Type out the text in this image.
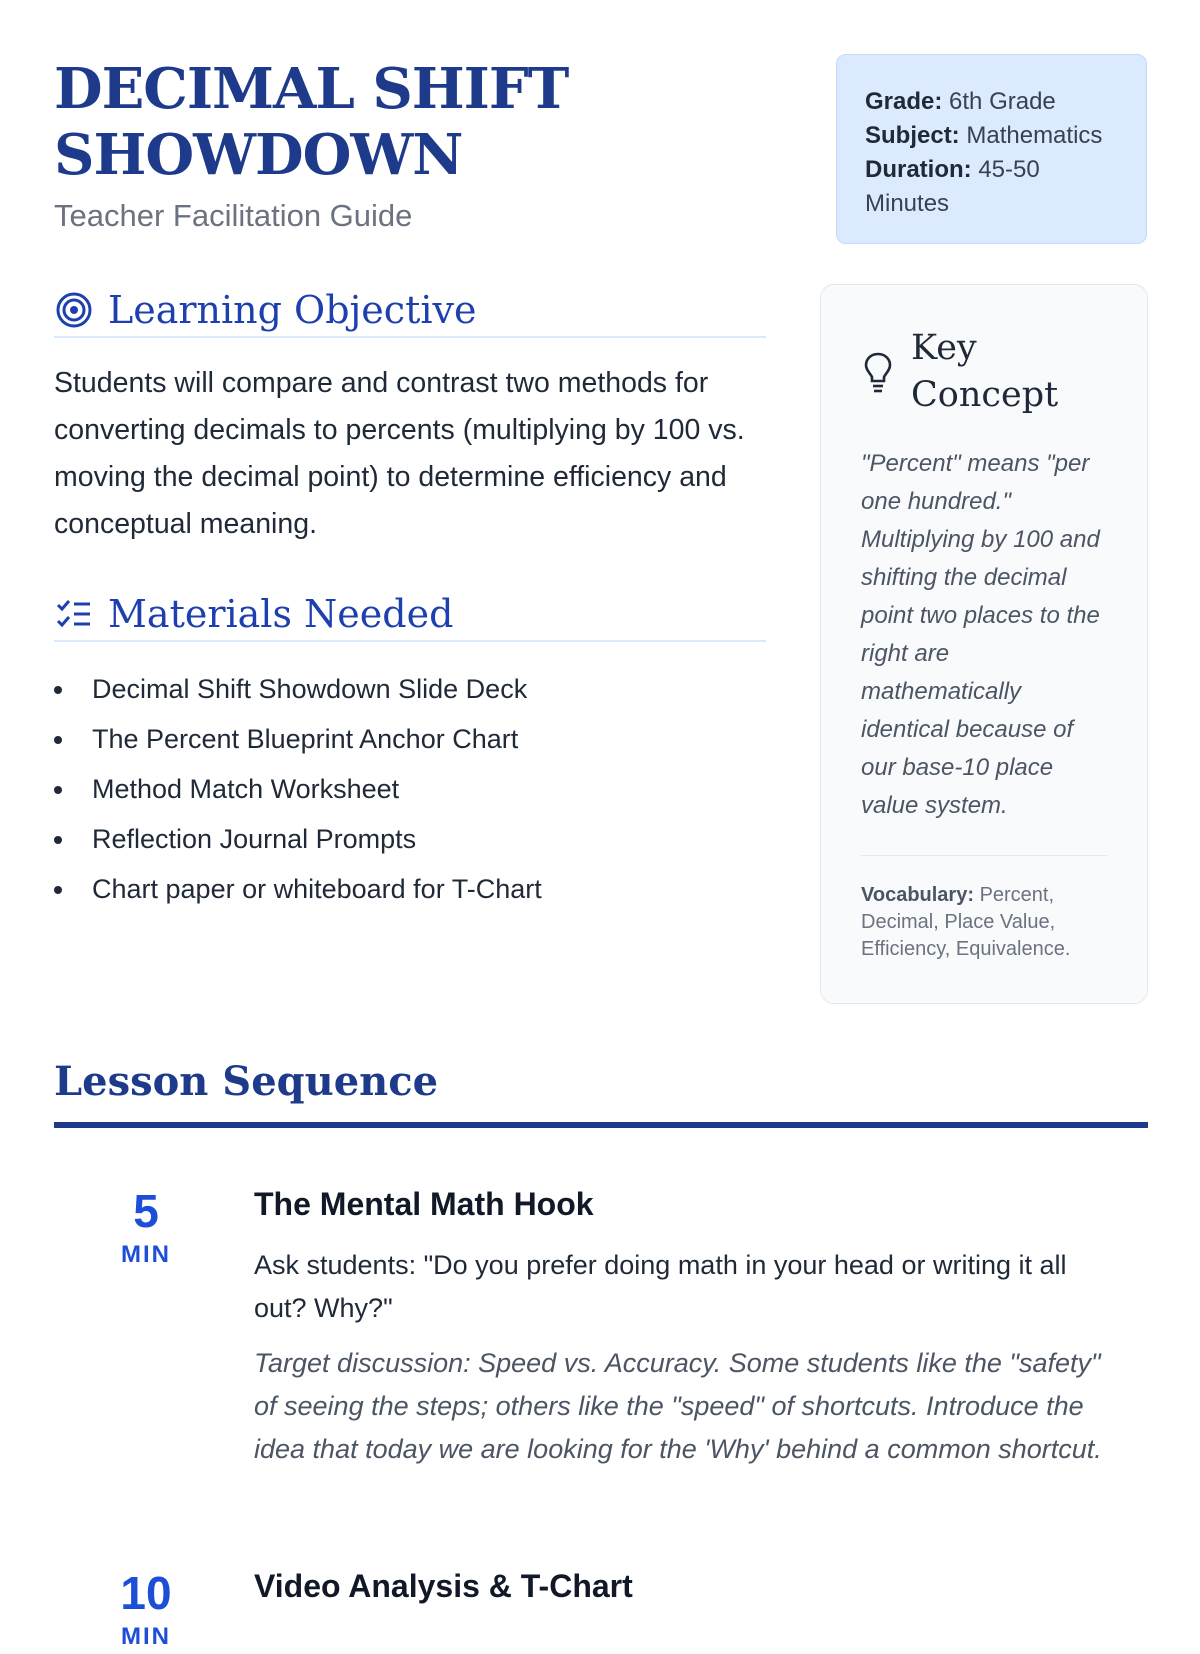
DECIMAL SHIFT SHOWDOWN
Teacher Facilitation Guide
Grade: 6th Grade
Subject: Mathematics
Duration: 45-50 Minutes
Learning Objective

Students will compare and contrast two methods for converting decimals to percents (multiplying by 100 vs. moving the decimal point) to determine efficiency and conceptual meaning.

Materials Needed
Decimal Shift Showdown Slide Deck
The Percent Blueprint Anchor Chart
Method Match Worksheet
Reflection Journal Prompts
Chart paper or whiteboard for T-Chart
Key Concept

"Percent" means "per one hundred." Multiplying by 100 and shifting the decimal point two places to the right are mathematically identical because of our base-10 place value system.

Vocabulary: Percent, Decimal, Place Value, Efficiency, Equivalence.

Lesson Sequence
5
MIN
The Mental Math Hook

Ask students: "Do you prefer doing math in your head or writing it all out? Why?"

Target discussion: Speed vs. Accuracy. Some students like the "safety" of seeing the steps; others like the "speed" of shortcuts. Introduce the idea that today we are looking for the 'Why' behind a common shortcut.

10
MIN
Video Analysis & T-Chart
